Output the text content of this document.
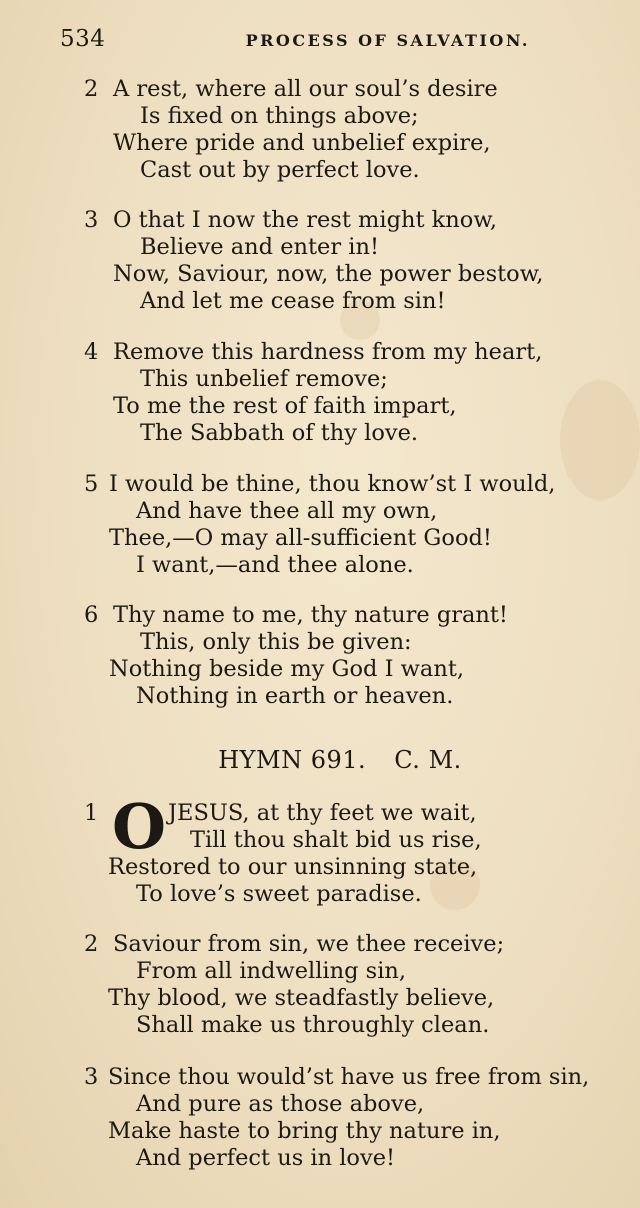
534	PROCESS OF SALVATION.
2 A rest, where all our soul’s desire
Is fixed on things above;
Where pride and unbelief expire,
Cast out by perfect love.
3 O that I now the rest might know,
Believe and enter in!
Now, Saviour, now, the power bestow,
And let me cease from sin!
4 Remove this hardness from my heart,
This unbelief remove;
To me the rest of faith impart,
The Sabbath of thy love.
5 I would be thine, thou know’st I would,
And have thee all my own,
Thee,—O may all-sufficient Good!
I want,—and thee alone.
6 Thy name to me, thy nature grant!
This, only this be given:
Nothing beside my God I want,
Nothing in earth or heaven.
HYMN 691. C. M.
1 O JESUS, at thy feet we wait,
Till thou shalt bid us rise,
Restored to our unsinning state,
To love’s sweet paradise.
2 Saviour from sin, we thee receive;
From all indwelling sin,
Thy blood, we steadfastly believe,
Shall make us throughly clean.
3 Since thou would’st have us free from sin,
And pure as those above,
Make haste to bring thy nature in,
And perfect us in love!
